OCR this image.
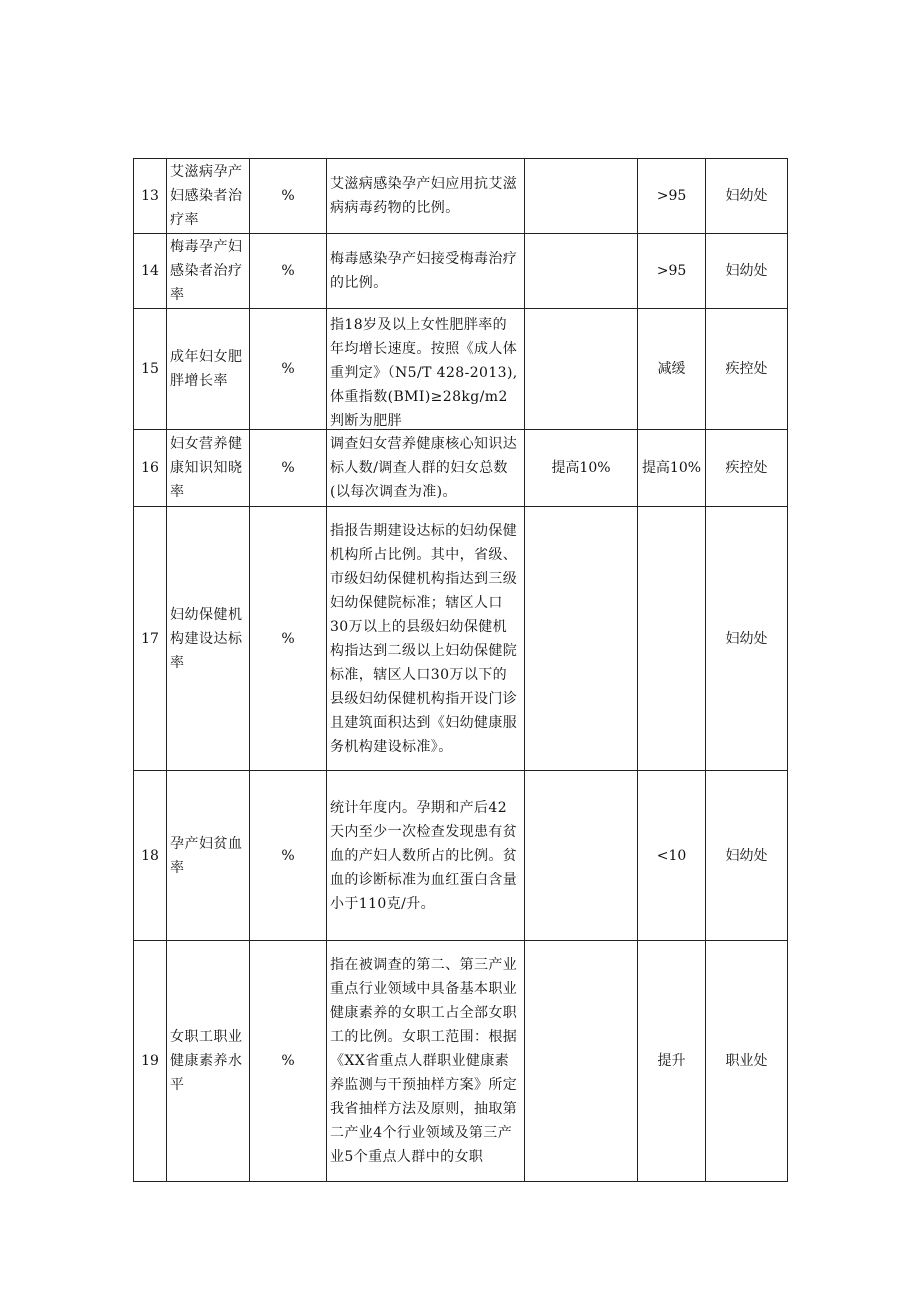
13	艾滋病孕产妇感染者治疗率	%	艾滋病感染孕产妇应用抗艾滋病病毒药物的比例。		>95	妇幼处
14	梅毒孕产妇感染者治疗率	%	梅毒感染孕产妇接受梅毒治疗的比例。		>95	妇幼处
15	成年妇女肥胖增长率	%	指18岁及以上女性肥胖率的年均增长速度。按照《成人体重判定》（N5/T 428-2013),体重指数(BMI)≥28kg/m2判断为肥胖		减缓	疾控处
16	妇女营养健康知识知晓率	%	调查妇女营养健康核心知识达标人数/调查人群的妇女总数(以每次调查为准)。	提高10%	提高10%	疾控处
17	妇幼保健机构建设达标率	%	指报告期建设达标的妇幼保健机构所占比例。其中，省级、市级妇幼保健机构指达到三级妇幼保健院标准；辖区人口30万以上的县级妇幼保健机构指达到二级以上妇幼保健院标准，辖区人口30万以下的县级妇幼保健机构指开设门诊且建筑面积达到《妇幼健康服务机构建设标准》。			妇幼处
18	孕产妇贫血率	%	统计年度内。孕期和产后42天内至少一次检查发现患有贫血的产妇人数所占的比例。贫血的诊断标准为血红蛋白含量小于110克/升。		<10	妇幼处
19	女职工职业健康素养水平	%	指在被调查的第二、第三产业重点行业领域中具备基本职业健康素养的女职工占全部女职工的比例。女职工范围：根据《XX省重点人群职业健康素养监测与干预抽样方案》所定我省抽样方法及原则，抽取第二产业4个行业领域及第三产业5个重点人群中的女职		提升	职业处
